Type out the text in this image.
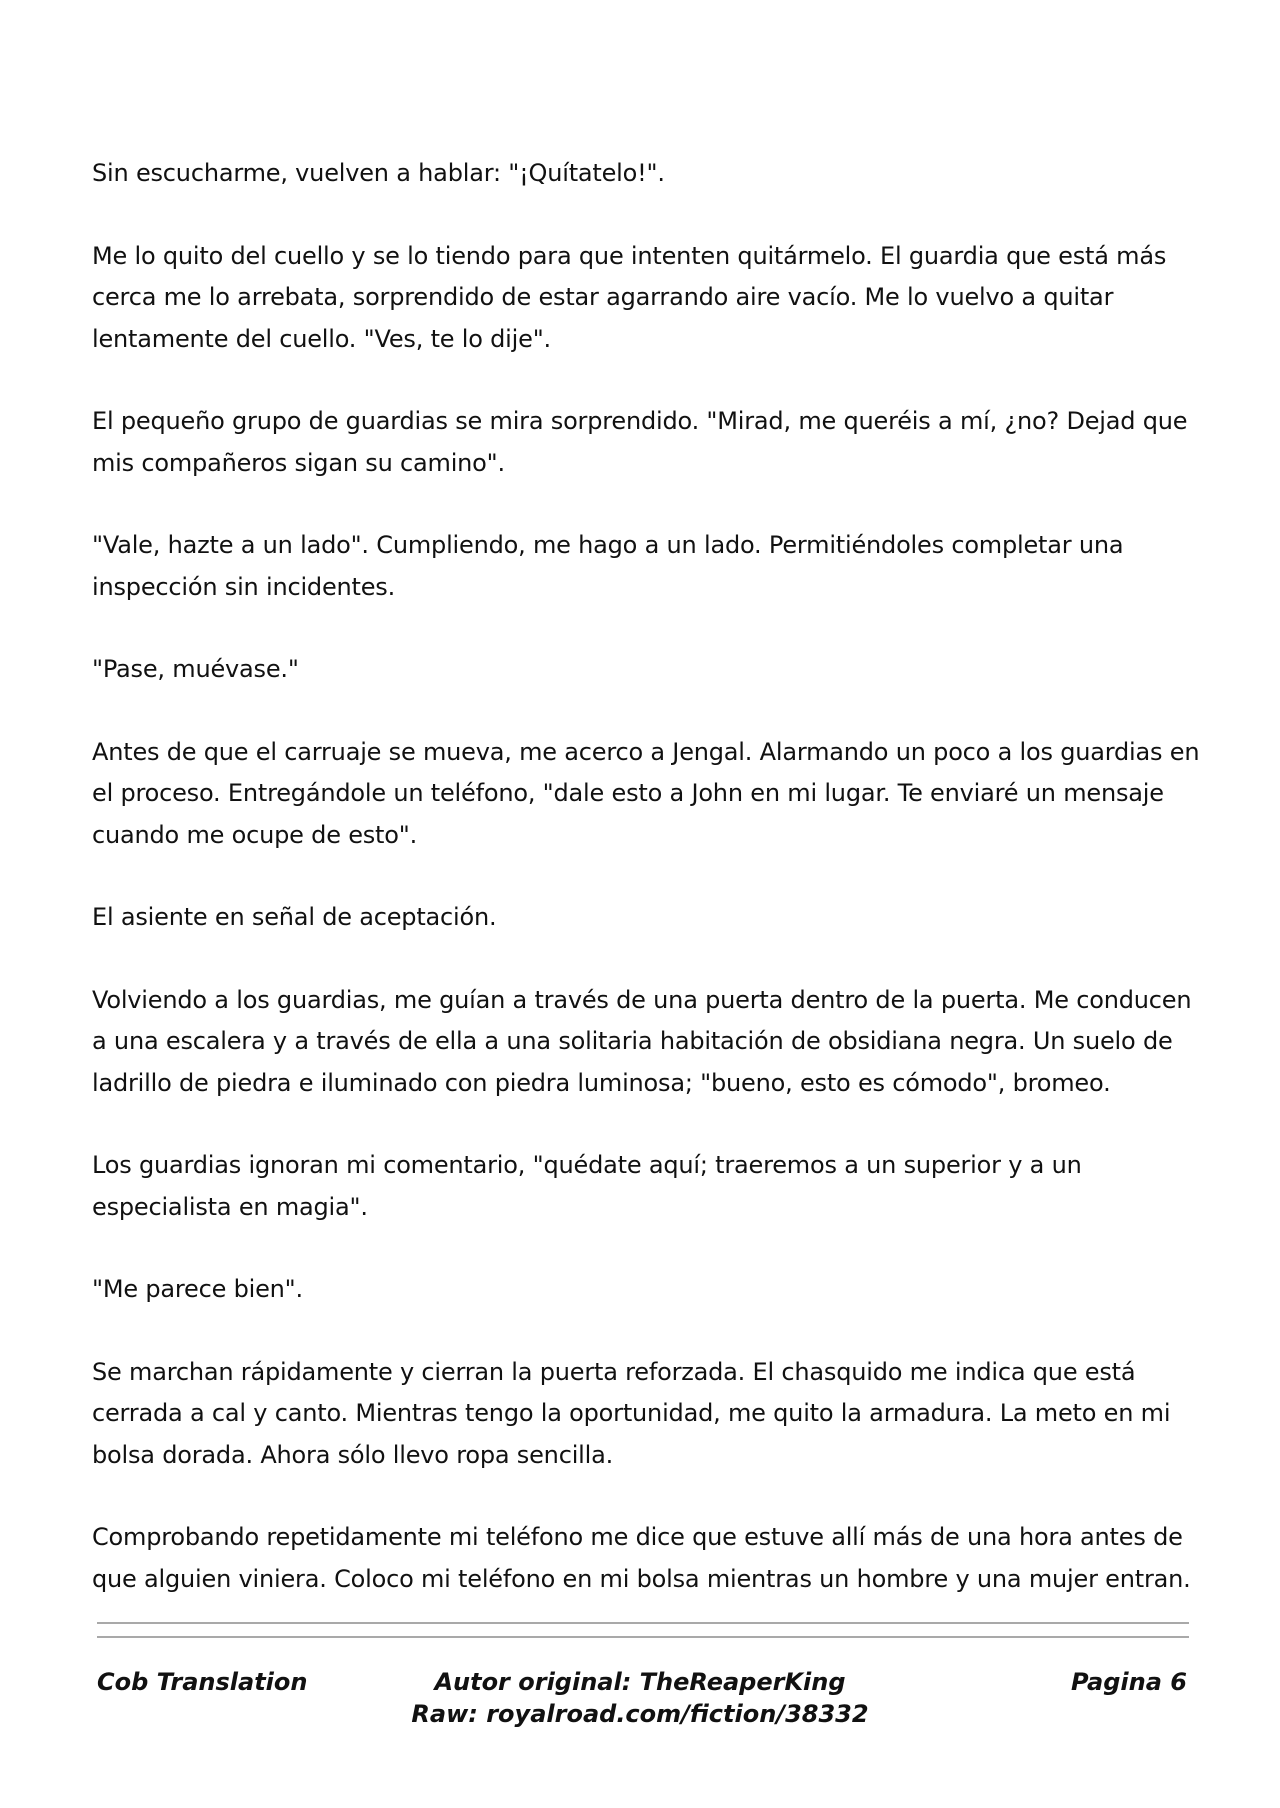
Sin escucharme, vuelven a hablar: "¡Quítatelo!".

Me lo quito del cuello y se lo tiendo para que intenten quitármelo. El guardia que está más cerca me lo arrebata, sorprendido de estar agarrando aire vacío. Me lo vuelvo a quitar lentamente del cuello. "Ves, te lo dije".

El pequeño grupo de guardias se mira sorprendido. "Mirad, me queréis a mí, ¿no? Dejad que mis compañeros sigan su camino".

"Vale, hazte a un lado". Cumpliendo, me hago a un lado. Permitiéndoles completar una inspección sin incidentes.

"Pase, muévase."

Antes de que el carruaje se mueva, me acerco a Jengal. Alarmando un poco a los guardias en el proceso. Entregándole un teléfono, "dale esto a John en mi lugar. Te enviaré un mensaje cuando me ocupe de esto".

El asiente en señal de aceptación.

Volviendo a los guardias, me guían a través de una puerta dentro de la puerta. Me conducen a una escalera y a través de ella a una solitaria habitación de obsidiana negra. Un suelo de ladrillo de piedra e iluminado con piedra luminosa; "bueno, esto es cómodo", bromeo.

Los guardias ignoran mi comentario, "quédate aquí; traeremos a un superior y a un especialista en magia".

"Me parece bien".

Se marchan rápidamente y cierran la puerta reforzada. El chasquido me indica que está cerrada a cal y canto. Mientras tengo la oportunidad, me quito la armadura. La meto en mi bolsa dorada. Ahora sólo llevo ropa sencilla.

Comprobando repetidamente mi teléfono me dice que estuve allí más de una hora antes de que alguien viniera. Coloco mi teléfono en mi bolsa mientras un hombre y una mujer entran.

Cob Translation	Autor original: TheReaperKing
Raw: royalroad.com/fiction/38332
Pagina 6
